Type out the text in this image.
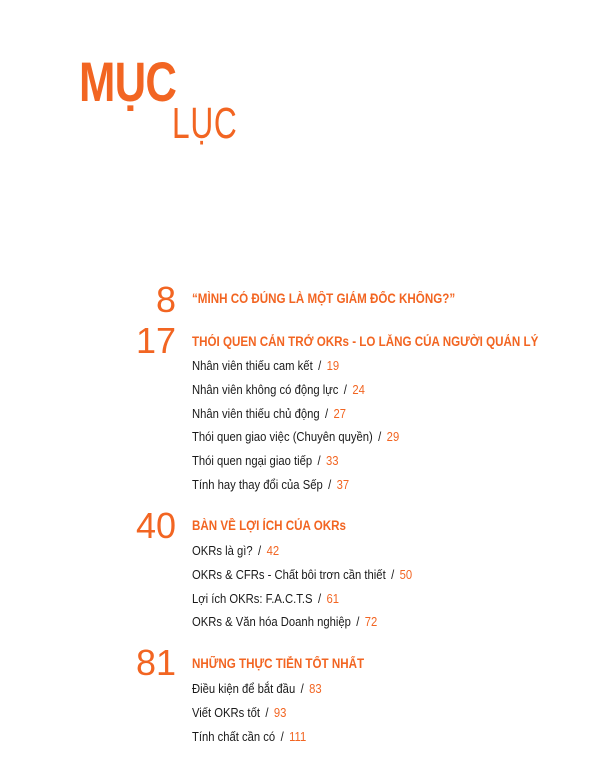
MỤC
LỤC
8 “MÌNH CÓ ĐÚNG LÀ MỘT GIÁM ĐỐC KHÔNG?”
17 THÓI QUEN CẢN TRỞ OKRs - LO LẮNG CỦA NGƯỜI QUẢN LÝ
Nhân viên thiếu cam kết / 19
Nhân viên không có động lực / 24
Nhân viên thiếu chủ động / 27
Thói quen giao việc (Chuyên quyền) / 29
Thói quen ngại giao tiếp / 33
Tính hay thay đổi của Sếp / 37
40 BÀN VỀ LỢI ÍCH CỦA OKRs
OKRs là gì? / 42
OKRs & CFRs - Chất bôi trơn cần thiết / 50
Lợi ích OKRs: F.A.C.T.S / 61
OKRs & Văn hóa Doanh nghiệp / 72
81 NHỮNG THỰC TIỄN TỐT NHẤT
Điều kiện để bắt đầu / 83
Viết OKRs tốt / 93
Tính chất cần có / 111
